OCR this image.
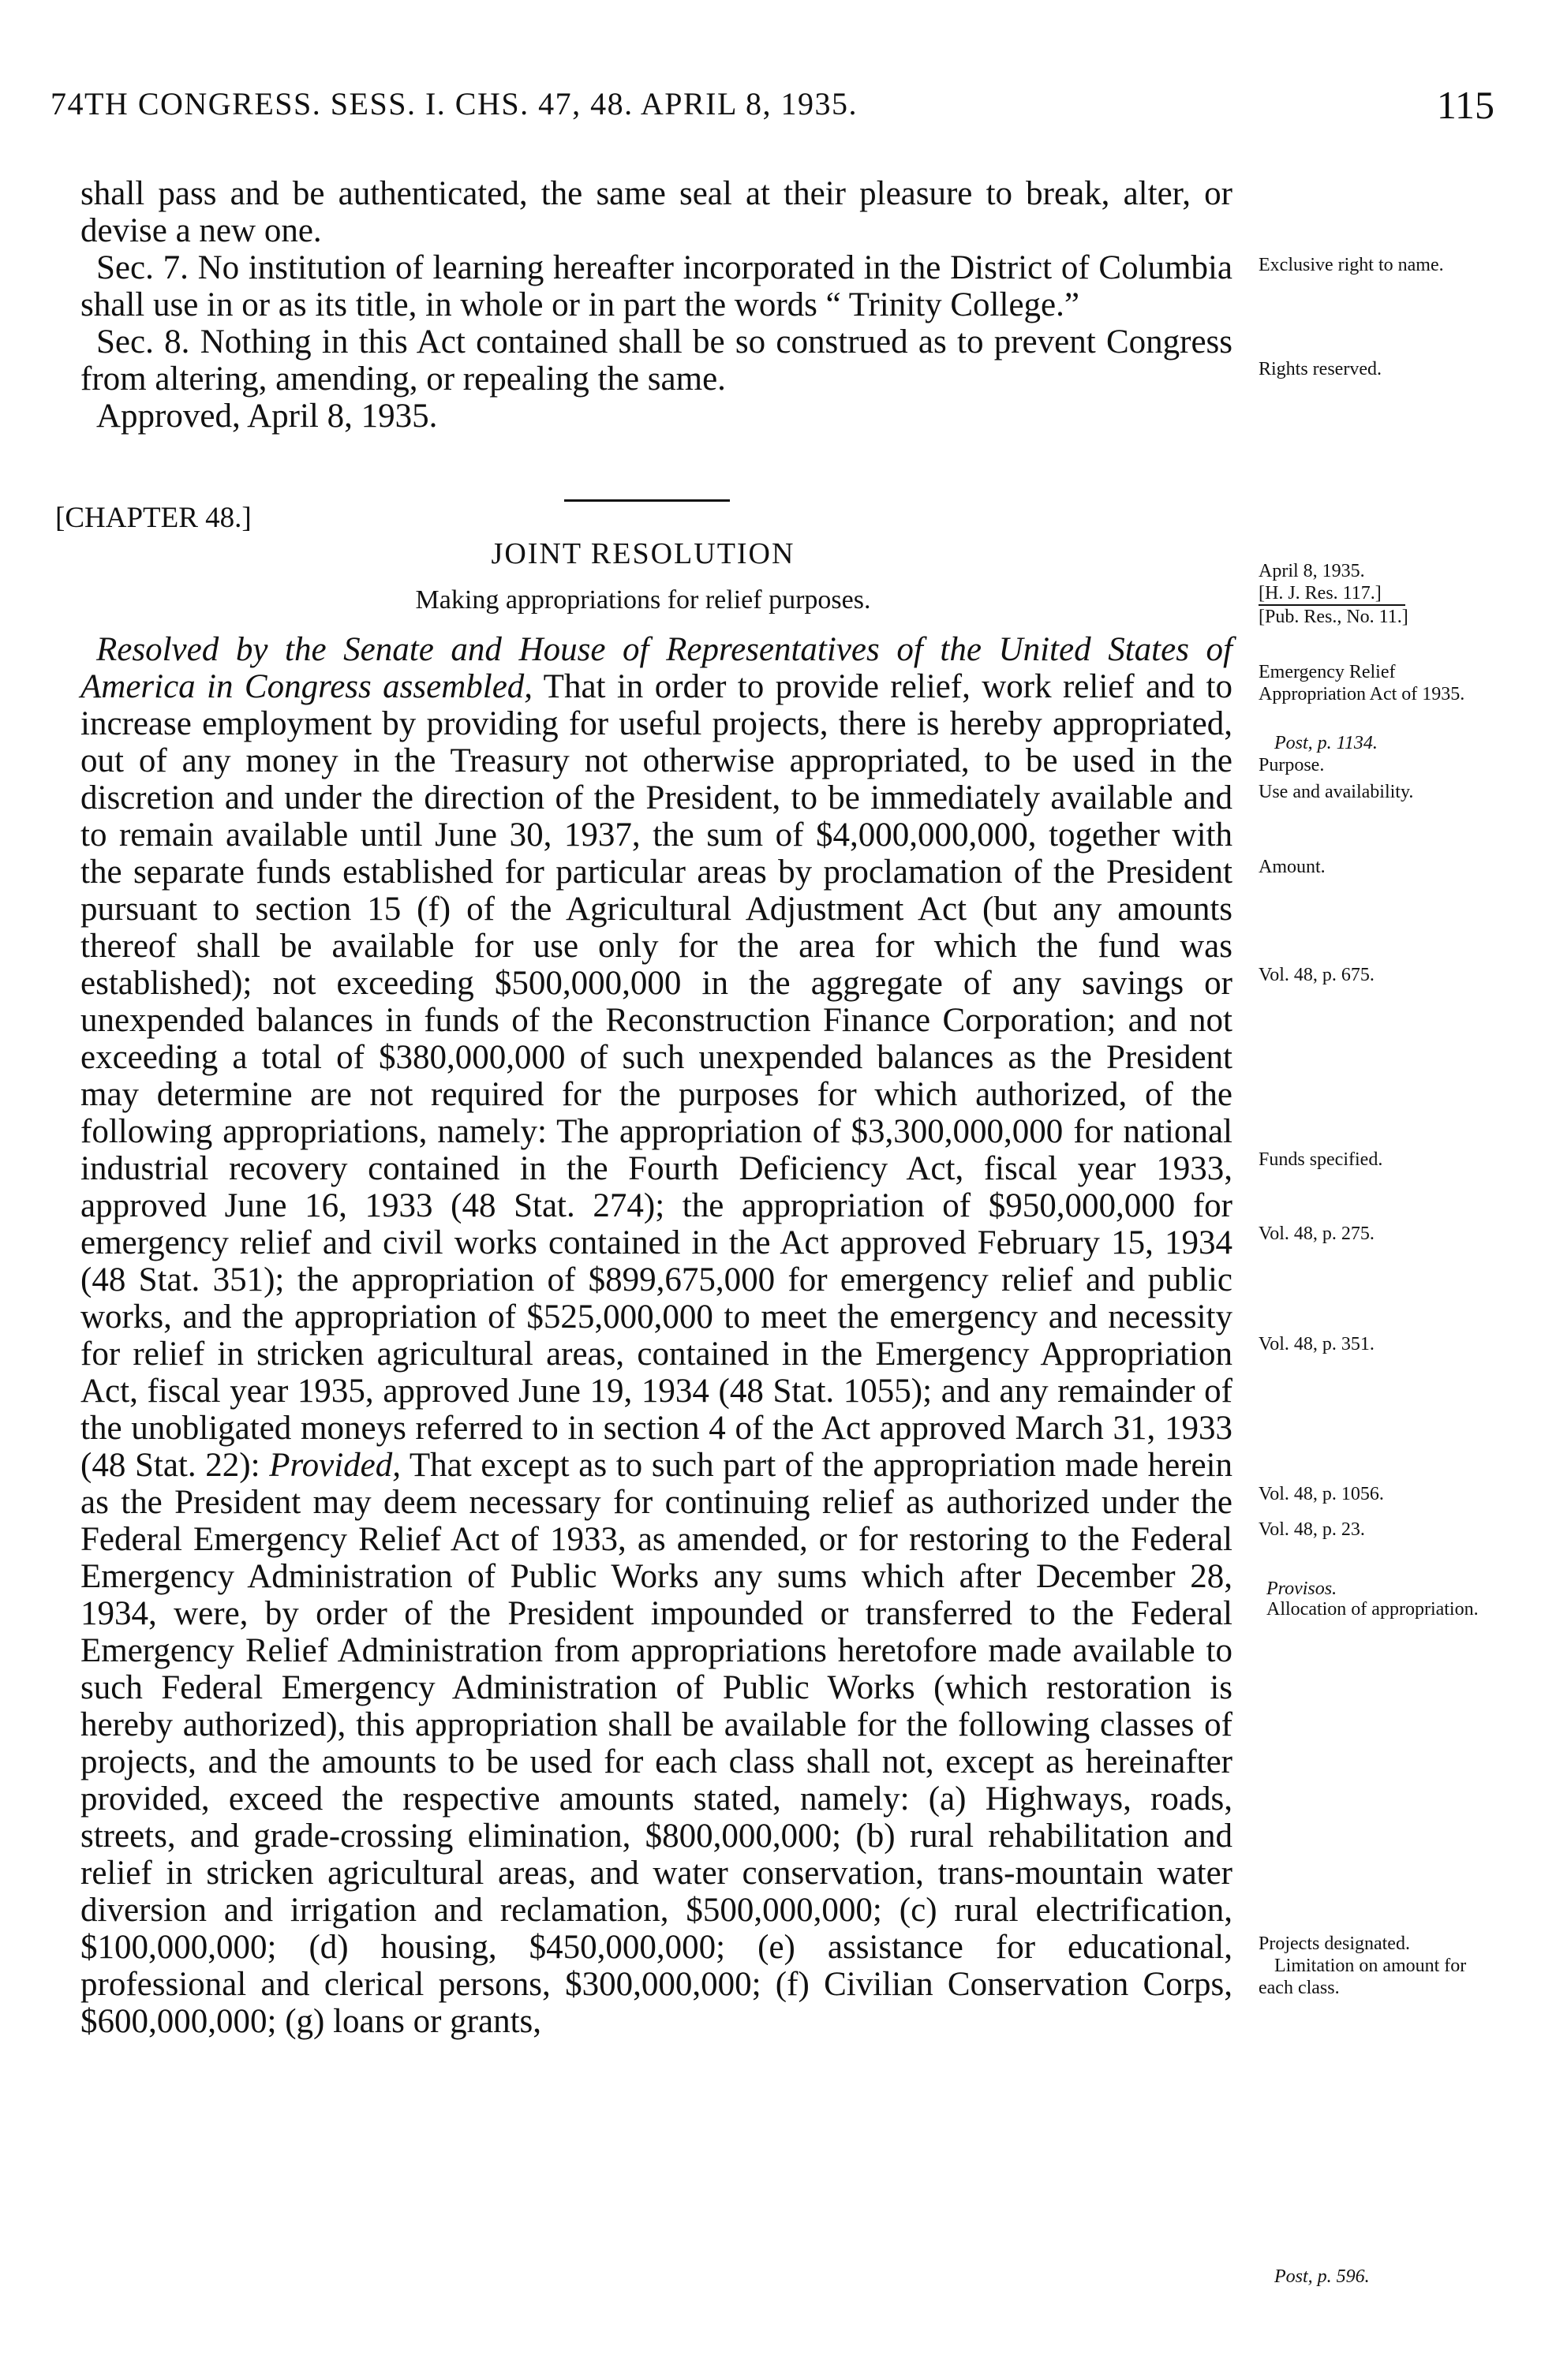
74TH CONGRESS. SESS. I. CHS. 47, 48. APRIL 8, 1935.	115

shall pass and be authenticated, the same seal at their pleasure to break, alter, or devise a new one.

Sec. 7. No institution of learning hereafter incorporated in the District of Columbia shall use in or as its title, in whole or in part the words “ Trinity College.”

Sec. 8. Nothing in this Act contained shall be so construed as to prevent Congress from altering, amending, or repealing the same.

Approved, April 8, 1935.

[CHAPTER 48.]
JOINT RESOLUTION
Making appropriations for relief purposes.
April 8, 1935.
[H. J. Res. 117.]
[Pub. Res., No. 11.]

Resolved by the Senate and House of Representatives of the United States of America in Congress assembled, That in order to provide relief, work relief and to increase employment by providing for useful projects, there is hereby appropriated, out of any money in the Treasury not otherwise appropriated, to be used in the discretion and under the direction of the President, to be immediately available and to remain available until June 30, 1937, the sum of $4,000,000,000, together with the separate funds established for particular areas by proclamation of the President pursuant to section 15 (f) of the Agricultural Adjustment Act (but any amounts thereof shall be available for use only for the area for which the fund was established); not exceeding $500,000,000 in the aggregate of any savings or unexpended balances in funds of the Reconstruction Finance Corporation; and not exceeding a total of $380,000,000 of such unexpended balances as the President may determine are not required for the purposes for which authorized, of the following appropriations, namely: The appropriation of $3,300,000,000 for national industrial recovery contained in the Fourth Deficiency Act, fiscal year 1933, approved June 16, 1933 (48 Stat. 274); the appropriation of $950,000,000 for emergency relief and civil works contained in the Act approved February 15, 1934 (48 Stat. 351); the appropriation of $899,675,000 for emergency relief and public works, and the appropriation of $525,000,000 to meet the emergency and necessity for relief in stricken agricultural areas, contained in the Emergency Appropriation Act, fiscal year 1935, approved June 19, 1934 (48 Stat. 1055); and any remainder of the unobligated moneys referred to in section 4 of the Act approved March 31, 1933 (48 Stat. 22): Provided, That except as to such part of the appropriation made herein as the President may deem necessary for continuing relief as authorized under the Federal Emergency Relief Act of 1933, as amended, or for restoring to the Federal Emergency Administration of Public Works any sums which after December 28, 1934, were, by order of the President impounded or transferred to the Federal Emergency Relief Administration from appropriations heretofore made available to such Federal Emergency Administration of Public Works (which restoration is hereby authorized), this appropriation shall be available for the following classes of projects, and the amounts to be used for each class shall not, except as hereinafter provided, exceed the respective amounts stated, namely: (a) Highways, roads, streets, and grade-crossing elimination, $800,000,000; (b) rural rehabilitation and relief in stricken agricultural areas, and water conservation, trans-mountain water diversion and irrigation and reclamation, $500,000,000; (c) rural electrification, $100,000,000; (d) housing, $450,000,000; (e) assistance for educational, professional and clerical persons, $300,000,000; (f) Civilian Conservation Corps, $600,000,000; (g) loans or grants,

Exclusive right to name.
Rights reserved.
Emergency Relief Appropriation Act of 1935.
Post, p. 1134.
Purpose.
Use and availability.
Amount.
Vol. 48, p. 675.
Funds specified.
Vol. 48, p. 275.
Vol. 48, p. 351.
Vol. 48, p. 1056.
Vol. 48, p. 23.
Provisos.
Allocation of appropriation.
Projects designated.
Limitation on amount for each class.
Post, p. 596.
